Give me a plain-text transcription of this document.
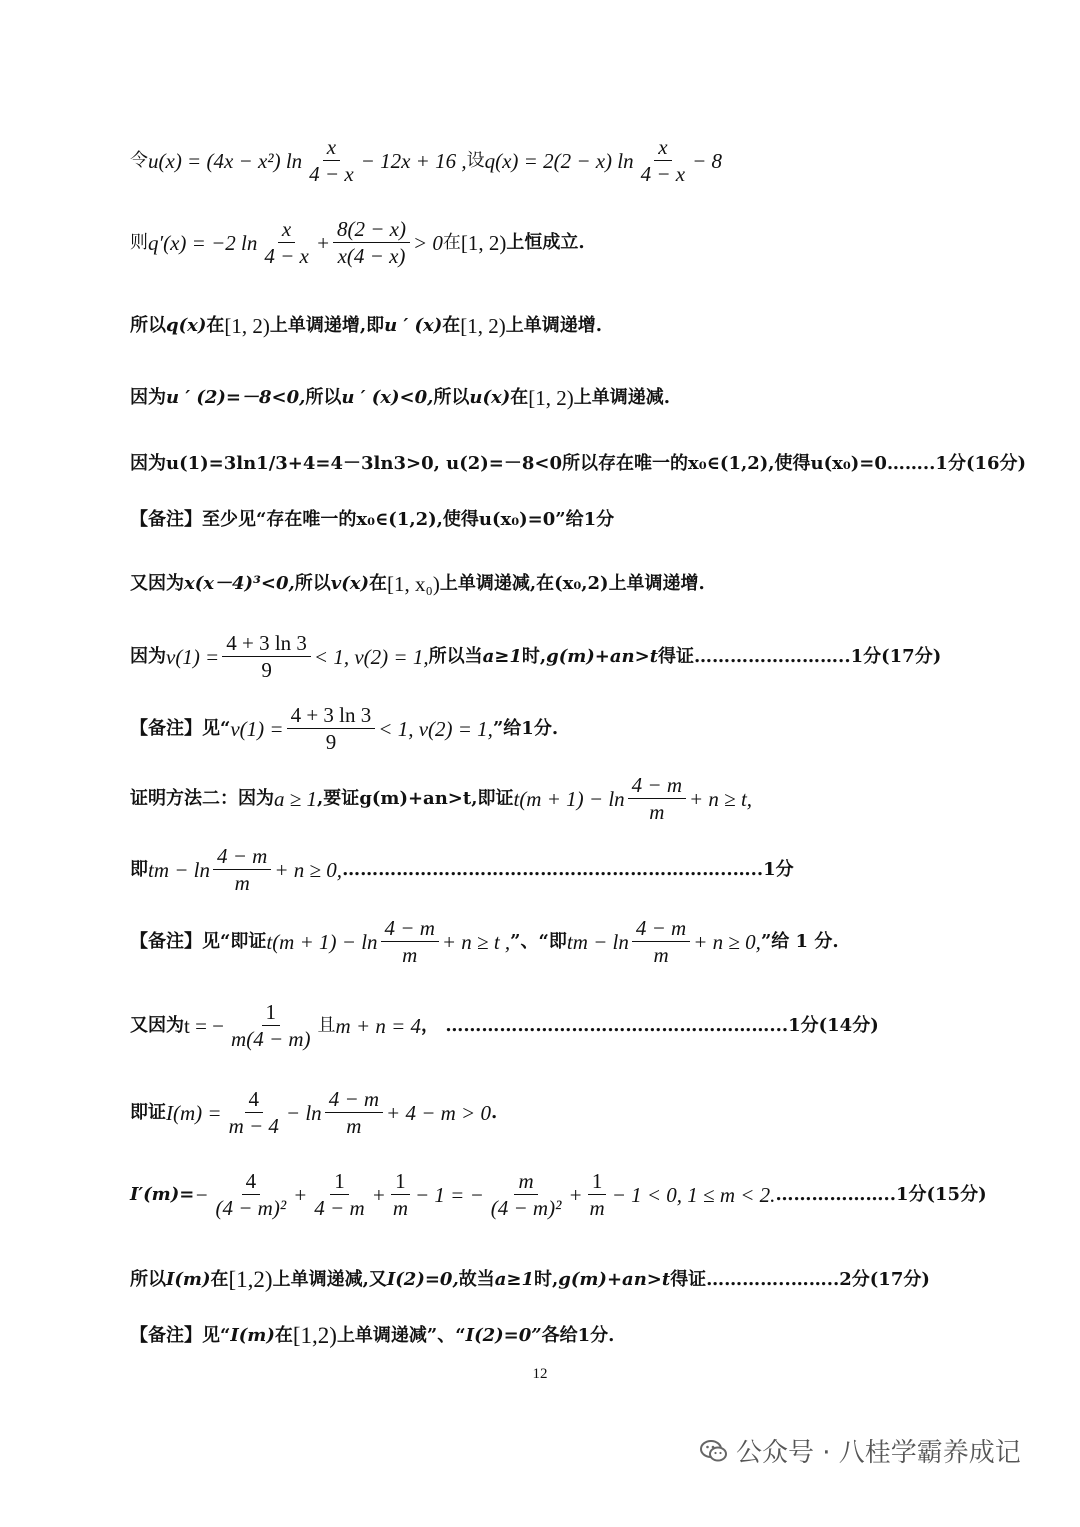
令 u(x) = (4x − x²) $\ln \frac{x}{4 - x} - 12x + 16$ , 设 q(x) = 2(2 − x) $\ln \frac{x}{4 - x} - 8$
则 q′(x) = −2 $\ln \frac{x}{4 - x} + \frac{8(2 - x)}{x(4 - x)} > 0$ 在 [1, 2) 上恒成立.
所以 q(x) 在 [1, 2) 上单调递增,即 u ′ (x) 在 [1, 2) 上单调递增.
因为 u ′ (2)=－8<0, 所以 u ′ (x)<0, 所以 u(x) 在 [1, 2) 上单调递减.
因为 u(1)=3ln1/3+4=4－3ln3>0, u(2)=－8<0 所以存在唯一的 x₀∈(1,2), 使得 u(x₀)=0……..1 分 (16 分 )
【备注】至少见“存在唯一的 x₀∈(1,2), 使得 u(x₀)=0” 给 1 分
又因为 x(x－4)³<0, 所以 v(x) 在 [1, x₀) 上单调递减,在 (x₀,2) 上单调递增.
因为 $v(1) = \frac{4 + 3 \ln 3}{9} < 1$, v(2) = 1, 所以当 a≥1 时, g(m)+an>t 得证……………………..1 分 (17 分 )
【备注】见“ $v(1) = \frac{4 + 3 \ln 3}{9} < 1$, v(2) = 1, ”给 1 分.
证明方法二：因为 a ≥ 1 ,要证 g(m)+an>t, 即证 $t(m + 1) - \ln \frac{4 - m}{m} + n \ge t$,
即 tm − $\ln \frac{4 - m}{m} + n \ge 0$, ………………………………………………………..…..1 分
【备注】见“即证 $t(m + 1) - \ln \frac{4 - m}{m} + n \ge t$ , ”、“即 tm − $\ln \frac{4 - m}{m} + n \ge 0$, ”给 1 分.
又因为 t = − $\frac{1}{m(4 - m)}$ 且 m + n = 4 ， ………………………………………………...1 分 (14 分 )
即证 $I(m) = \frac{4}{m - 4} - \ln \frac{4 - m}{m} + 4 - m > 0$ .
$I'(m)= - \frac{4}{\text{(4 − m)²}} + \frac{1}{4 - m} + \frac{1}{m} - 1$ = − $\frac{m}{\text{(4 − m)²}} + \frac{1}{m} - 1 < 0$, 1 ≤ m < 2. ………………..1 分 (15 分 )
所以 I(m) 在 [1,2) 上单调递减,又 I(2)=0, 故当 a≥1 时, g(m)+an>t 得证…………..……..2 分 (17 分 )
【备注】见“ I(m) 在 [1,2) 上单调递减”、“ I(2)=0” 各给 1 分.
12
公众号 · 八桂学霸养成记
